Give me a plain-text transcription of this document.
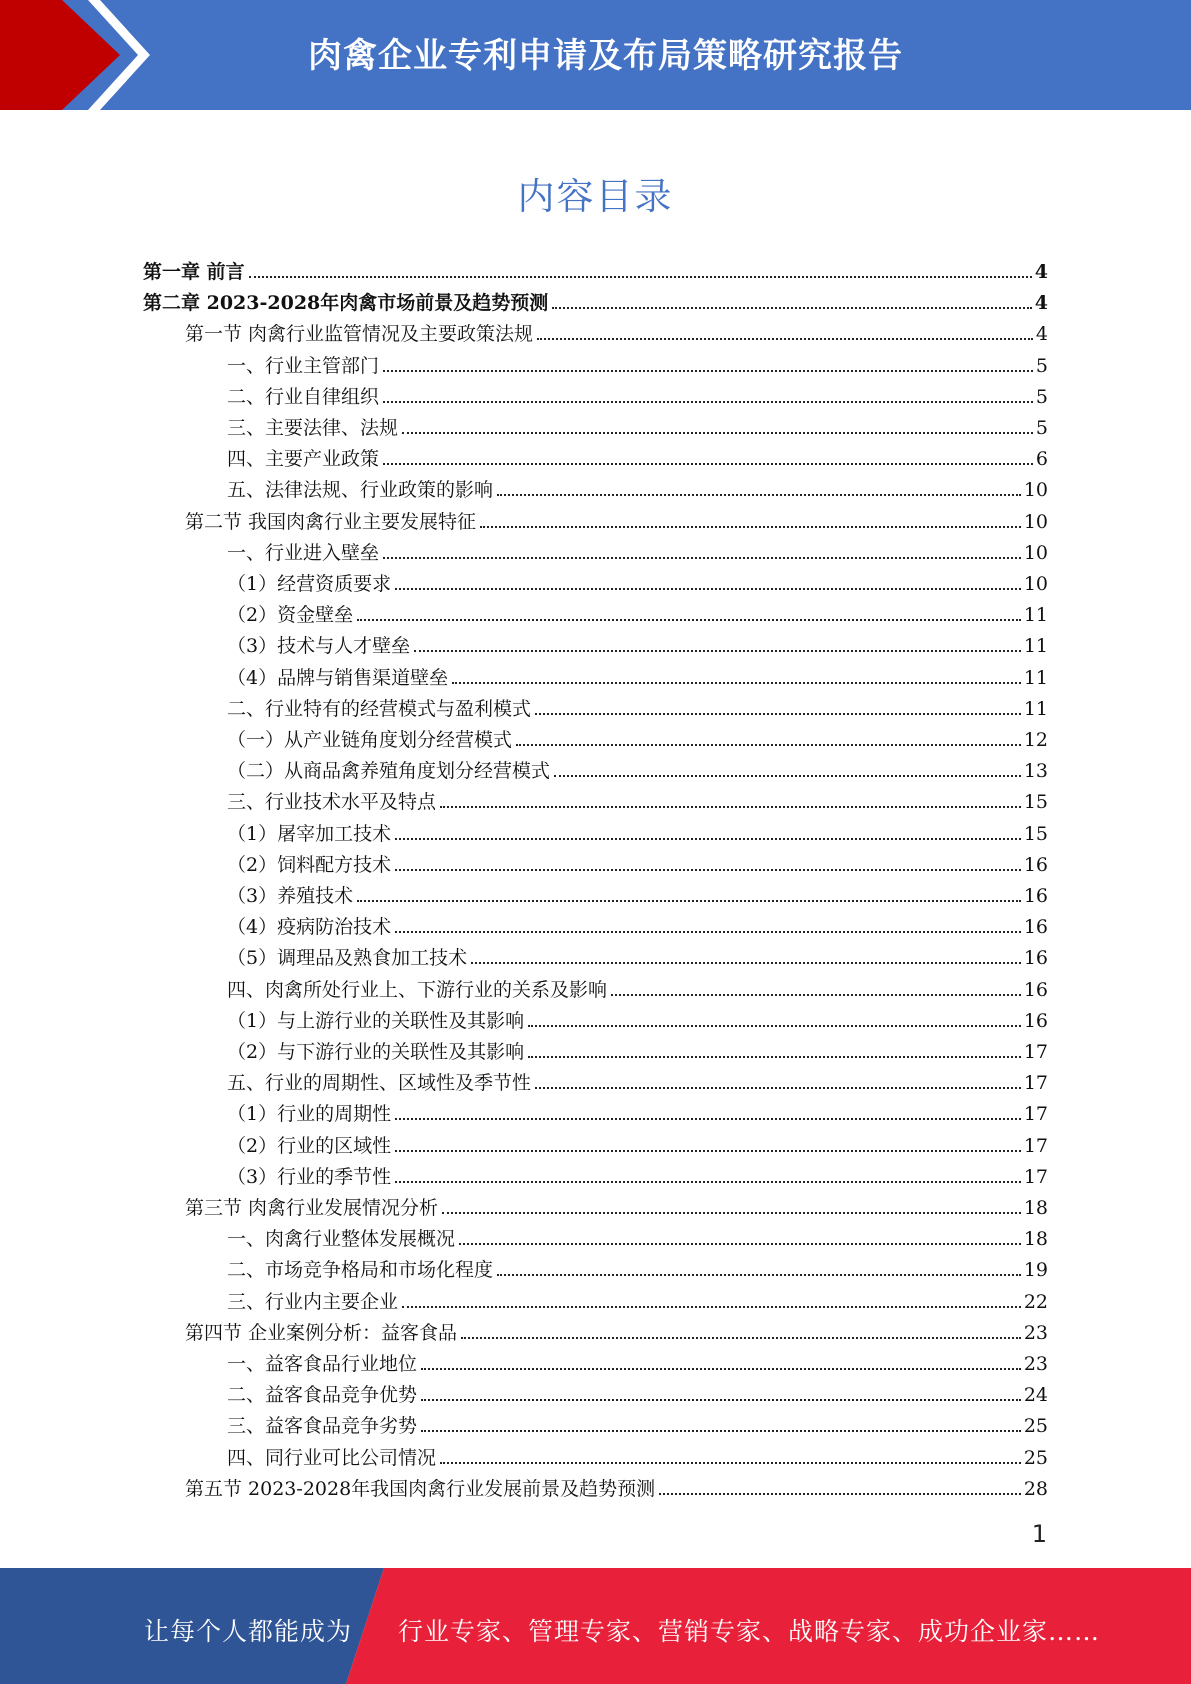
肉禽企业专利申请及布局策略研究报告
内容目录
第一章 前言	4
第二章 2023-2028年肉禽市场前景及趋势预测	4
第一节 肉禽行业监管情况及主要政策法规	4
一、行业主管部门	5
二、行业自律组织	5
三、主要法律、法规	5
四、主要产业政策	6
五、法律法规、行业政策的影响	10
第二节 我国肉禽行业主要发展特征	10
一、行业进入壁垒	10
（1）经营资质要求	10
（2）资金壁垒	11
（3）技术与人才壁垒	11
（4）品牌与销售渠道壁垒	11
二、行业特有的经营模式与盈利模式	11
（一）从产业链角度划分经营模式	12
（二）从商品禽养殖角度划分经营模式	13
三、行业技术水平及特点	15
（1）屠宰加工技术	15
（2）饲料配方技术	16
（3）养殖技术	16
（4）疫病防治技术	16
（5）调理品及熟食加工技术	16
四、肉禽所处行业上、下游行业的关系及影响	16
（1）与上游行业的关联性及其影响	16
（2）与下游行业的关联性及其影响	17
五、行业的周期性、区域性及季节性	17
（1）行业的周期性	17
（2）行业的区域性	17
（3）行业的季节性	17
第三节 肉禽行业发展情况分析	18
一、肉禽行业整体发展概况	18
二、市场竞争格局和市场化程度	19
三、行业内主要企业	22
第四节 企业案例分析：益客食品	23
一、益客食品行业地位	23
二、益客食品竞争优势	24
三、益客食品竞争劣势	25
四、同行业可比公司情况	25
第五节 2023-2028年我国肉禽行业发展前景及趋势预测	28
1
让每个人都能成为 行业专家、管理专家、营销专家、战略专家、成功企业家……
